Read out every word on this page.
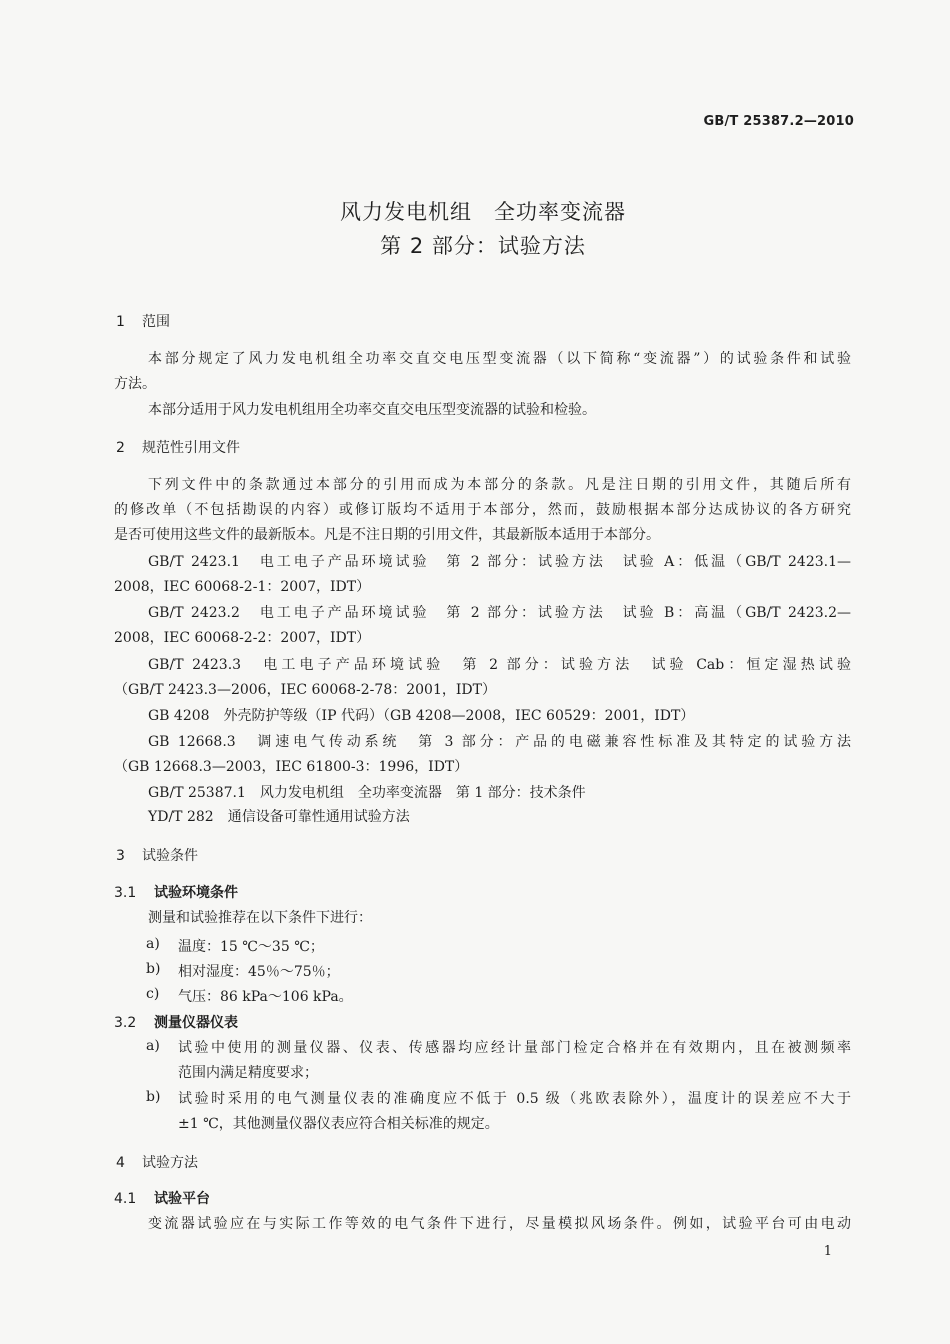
GB/T 25387.2—2010
风力发电机组　全功率变流器
第 2 部分：试验方法
1 范围
本部分规定了风力发电机组全功率交直交电压型变流器（以下简称“变流器”）的试验条件和试验
方法。
本部分适用于风力发电机组用全功率交直交电压型变流器的试验和检验。
2 规范性引用文件
下列文件中的条款通过本部分的引用而成为本部分的条款。凡是注日期的引用文件，其随后所有
的修改单（不包括勘误的内容）或修订版均不适用于本部分，然而，鼓励根据本部分达成协议的各方研究
是否可使用这些文件的最新版本。凡是不注日期的引用文件，其最新版本适用于本部分。
GB/T 2423.1　电工电子产品环境试验　第 2 部分：试验方法　试验 A：低温（GB/T 2423.1—
2008，IEC 60068-2-1：2007，IDT）
GB/T 2423.2　电工电子产品环境试验　第 2 部分：试验方法　试验 B：高温（GB/T 2423.2—
2008，IEC 60068-2-2：2007，IDT）
GB/T 2423.3　电工电子产品环境试验　第 2 部分：试验方法　试验 Cab：恒定湿热试验
（GB/T 2423.3—2006，IEC 60068-2-78：2001，IDT）
GB 4208　外壳防护等级（IP 代码）（GB 4208—2008，IEC 60529：2001，IDT）
GB 12668.3　调速电气传动系统　第 3 部分：产品的电磁兼容性标准及其特定的试验方法
（GB 12668.3—2003，IEC 61800-3：1996，IDT）
GB/T 25387.1　风力发电机组　全功率变流器　第 1 部分：技术条件
YD/T 282　通信设备可靠性通用试验方法
3 试验条件
3.1 试验环境条件
测量和试验推荐在以下条件下进行：
a) 温度：15 ℃～35 ℃；
b) 相对湿度：45％～75％；
c) 气压：86 kPa～106 kPa。
3.2 测量仪器仪表
a) 试验中使用的测量仪器、仪表、传感器均应经计量部门检定合格并在有效期内，且在被测频率
范围内满足精度要求；
b) 试验时采用的电气测量仪表的准确度应不低于 0.5 级（兆欧表除外），温度计的误差应不大于
±1 ℃，其他测量仪器仪表应符合相关标准的规定。
4 试验方法
4.1 试验平台
变流器试验应在与实际工作等效的电气条件下进行，尽量模拟风场条件。例如，试验平台可由电动
1
